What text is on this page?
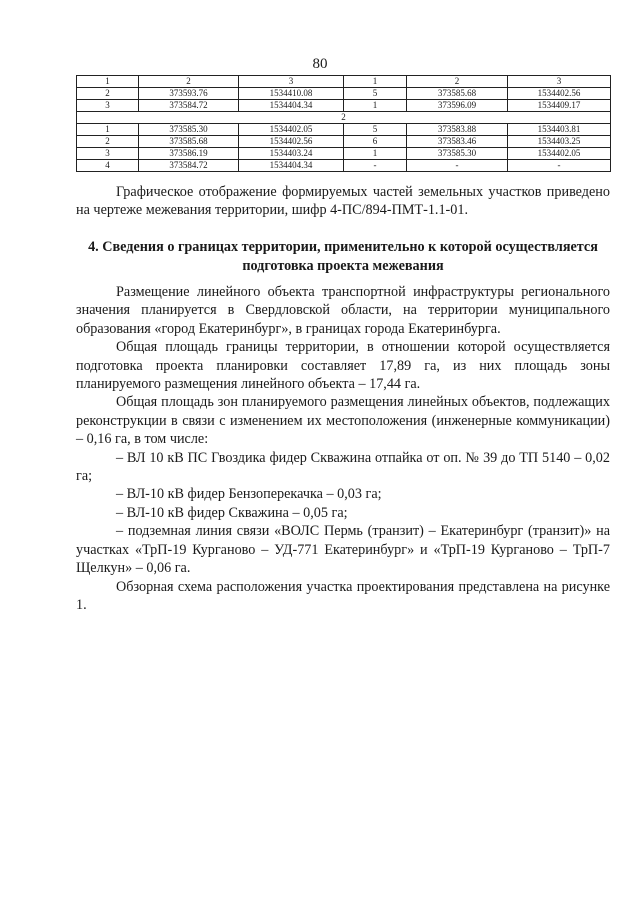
80
1	2	3	1	2	3
2	373593.76	1534410.08	5	373585.68	1534402.56
3	373584.72	1534404.34	1	373596.09	1534409.17
2					
1	373585.30	1534402.05	5	373583.88	1534403.81
2	373585.68	1534402.56	6	373583.46	1534403.25
3	373586.19	1534403.24	1	373585.30	1534402.05
4	373584.72	1534404.34	-	-	-

Графическое отображение формируемых частей земельных участков приведено на чертеже межевания территории, шифр 4-ПС/894-ПМТ-1.1-01.

4. Сведения о границах территории, применительно к которой осуществляется подготовка проекта межевания

Размещение линейного объекта транспортной инфраструктуры регионального значения планируется в Свердловской области, на территории муниципального образования «город Екатеринбург», в границах города Екатеринбурга.

Общая площадь границы территории, в отношении которой осуществляется подготовка проекта планировки составляет 17,89 га, из них площадь зоны планируемого размещения линейного объекта – 17,44 га.

Общая площадь зон планируемого размещения линейных объектов, подлежащих реконструкции в связи с изменением их местоположения (инженерные коммуникации) – 0,16 га, в том числе:

– ВЛ 10 кВ ПС Гвоздика фидер Скважина отпайка от оп. № 39 до ТП 5140 – 0,02 га;

– ВЛ-10 кВ фидер Бензоперекачка – 0,03 га;

– ВЛ-10 кВ фидер Скважина – 0,05 га;

– подземная линия связи «ВОЛС Пермь (транзит) – Екатеринбург (транзит)» на участках «ТрП-19 Курганово – УД-771 Екатеринбург» и «ТрП-19 Курганово – ТрП-7 Щелкун» – 0,06 га.

Обзорная схема расположения участка проектирования представлена на рисунке 1.
